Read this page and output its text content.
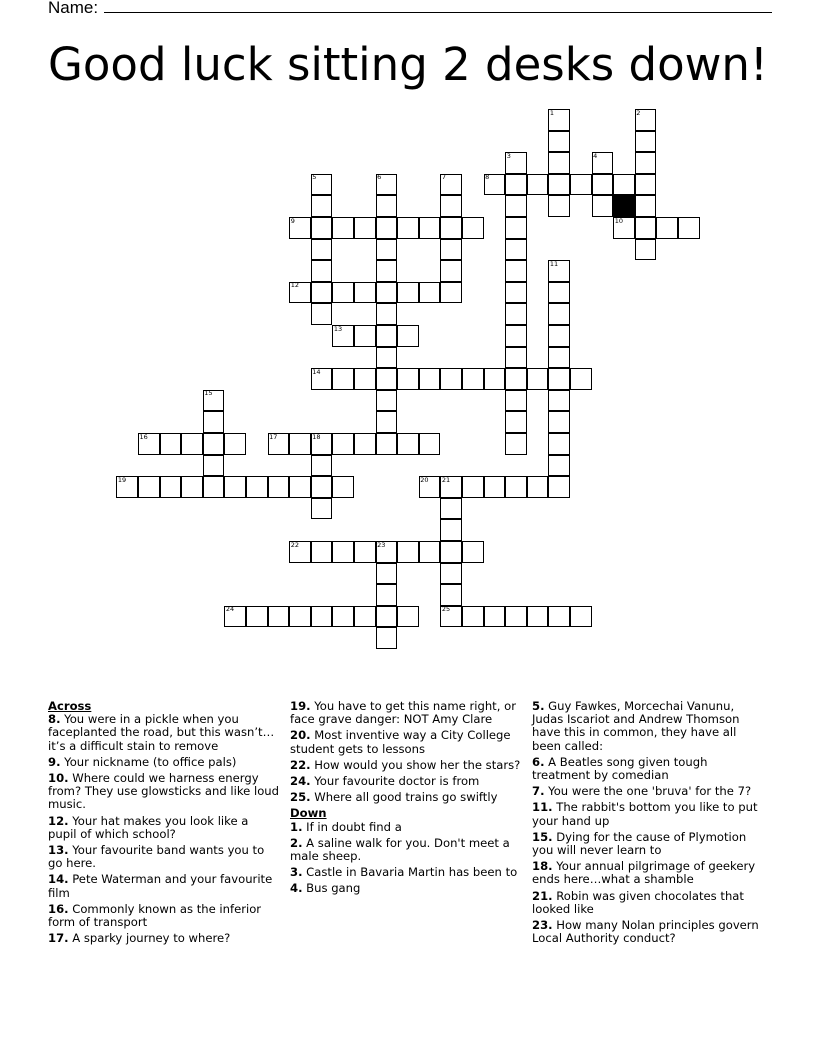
Name:
Good luck sitting 2 desks down!
1	2
3	4
5	6	7	8
9	10
11
12
13
14
15
16	17	18
19	20 21
22	23
24	25
Across
8. You were in a pickle when you faceplanted the road, but this wasn’t…it’s a difficult stain to remove
9. Your nickname (to office pals)
10. Where could we harness energy from? They use glowsticks and like loud music.
12. Your hat makes you look like a pupil of which school?
13. Your favourite band wants you to go here.
14. Pete Waterman and your favourite film
16. Commonly known as the inferior form of transport
17. A sparky journey to where?
19. You have to get this name right, or face grave danger: NOT Amy Clare
20. Most inventive way a City College student gets to lessons
22. How would you show her the stars?
24. Your favourite doctor is from
25. Where all good trains go swiftly
Down
1. If in doubt find a
2. A saline walk for you. Don't meet a male sheep.
3. Castle in Bavaria Martin has been to
4. Bus gang
5. Guy Fawkes, Morcechai Vanunu, Judas Iscariot and Andrew Thomson have this in common, they have all been called:
6. A Beatles song given tough treatment by comedian
7. You were the one 'bruva' for the 7?
11. The rabbit's bottom you like to put your hand up
15. Dying for the cause of Plymotion you will never learn to
18. Your annual pilgrimage of geekery ends here…what a shamble
21. Robin was given chocolates that looked like
23. How many Nolan principles govern Local Authority conduct?
